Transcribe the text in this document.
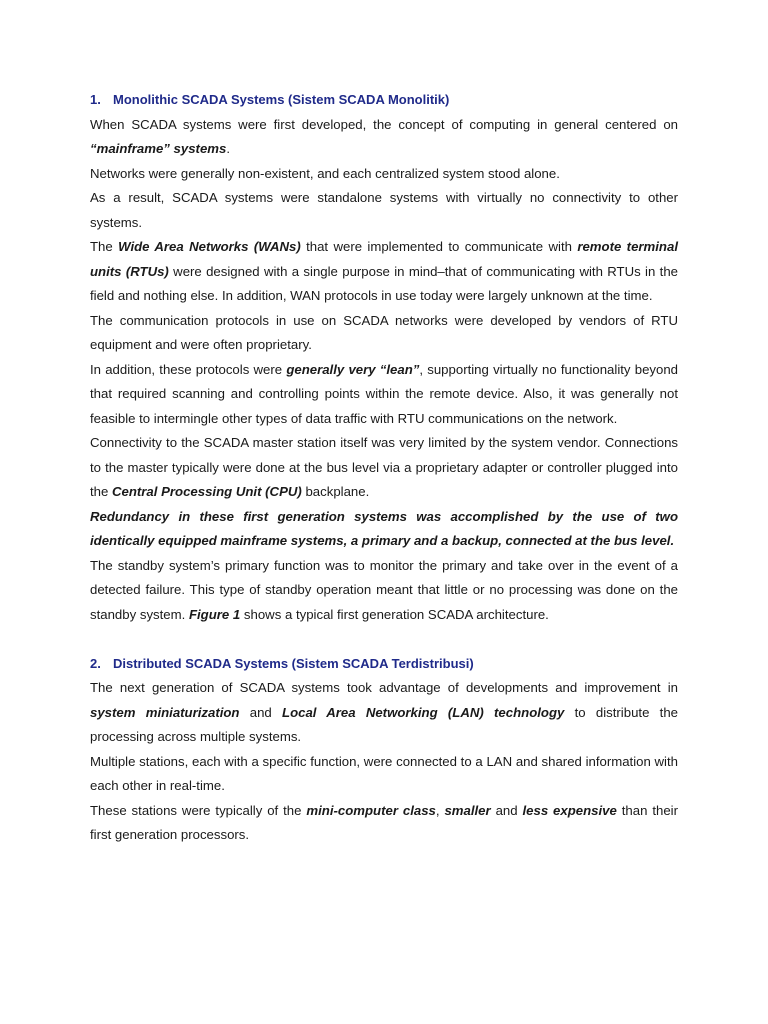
1. Monolithic SCADA Systems (Sistem SCADA Monolitik)

When SCADA systems were first developed, the concept of computing in general centered on “mainframe” systems.

Networks were generally non-existent, and each centralized system stood alone.

As a result, SCADA systems were standalone systems with virtually no connectivity to other systems.

The Wide Area Networks (WANs) that were implemented to communicate with remote terminal units (RTUs) were designed with a single purpose in mind–that of communicating with RTUs in the field and nothing else. In addition, WAN protocols in use today were largely unknown at the time.

The communication protocols in use on SCADA networks were developed by vendors of RTU equipment and were often proprietary.

In addition, these protocols were generally very “lean”, supporting virtually no functionality beyond that required scanning and controlling points within the remote device. Also, it was generally not feasible to intermingle other types of data traffic with RTU communications on the network.

Connectivity to the SCADA master station itself was very limited by the system vendor. Connections to the master typically were done at the bus level via a proprietary adapter or controller plugged into the Central Processing Unit (CPU) backplane.

Redundancy in these first generation systems was accomplished by the use of two identically equipped mainframe systems, a primary and a backup, connected at the bus level.

The standby system’s primary function was to monitor the primary and take over in the event of a detected failure. This type of standby operation meant that little or no processing was done on the standby system. Figure 1 shows a typical first generation SCADA architecture.

2. Distributed SCADA Systems (Sistem SCADA Terdistribusi)

The next generation of SCADA systems took advantage of developments and improvement in system miniaturization and Local Area Networking (LAN) technology to distribute the processing across multiple systems.

Multiple stations, each with a specific function, were connected to a LAN and shared information with each other in real-time.

These stations were typically of the mini-computer class, smaller and less expensive than their first generation processors.
